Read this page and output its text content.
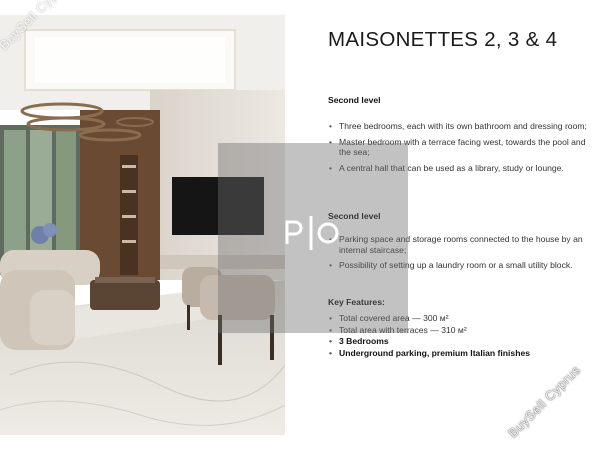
MAISONETTES 2, 3 & 4
Second level
• Three bedrooms, each with its own bathroom and dressing room;
• Master bedroom with a terrace facing west, towards the pool and the sea;
• A central hall that can be used as a library, study or lounge.
Second level
• Parking space and storage rooms connected to the house by an internal staircase;
• Possibility of setting up a laundry room or a small utility block.
Key Features:
• Total covered area — 300 м²
• Total area with terraces — 310 м²
• 3 Bedrooms
• Underground parking, premium Italian finishes
BuySell Cyprus
